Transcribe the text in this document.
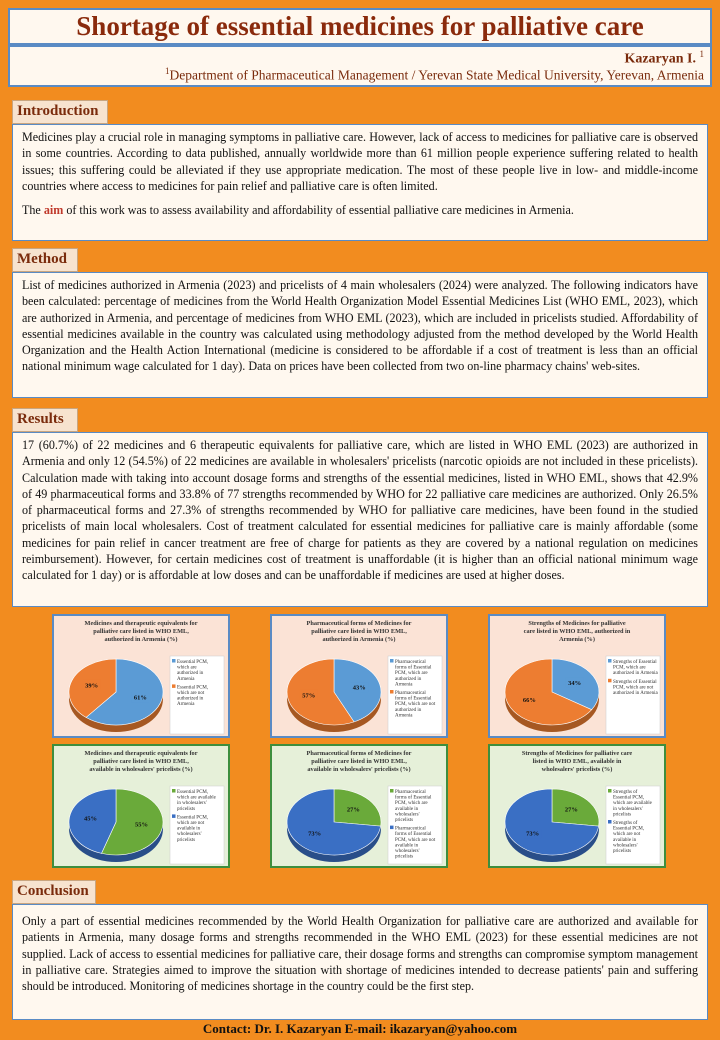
Shortage of essential medicines for palliative care
Kazaryan I. $^1$
$^1$Department of Pharmaceutical Management / Yerevan State Medical University, Yerevan, Armenia
Introduction

Medicines play a crucial role in managing symptoms in palliative care. However, lack of access to medicines for palliative care is observed in some countries. According to data published, annually worldwide more than 61 million people experience suffering related to health issues; this suffering could be alleviated if they use appropriate medication. The most of these people live in low- and middle-income countries where access to medicines for pain relief and palliative care is often limited.

The aim of this work was to assess availability and affordability of essential palliative care medicines in Armenia.

Method

List of medicines authorized in Armenia (2023) and pricelists of 4 main wholesalers (2024) were analyzed. The following indicators have been calculated: percentage of medicines from the World Health Organization Model Essential Medicines List (WHO EML, 2023), which are authorized in Armenia, and percentage of medicines from WHO EML (2023), which are included in pricelists studied. Affordability of essential medicines available in the country was calculated using methodology adjusted from the method developed by the World Health Organization and the Health Action International (medicine is considered to be affordable if a cost of treatment is less than an official national minimum wage calculated for 1 day). Data on prices have been collected from two on-line pharmacy chains' web-sites.

Results

17 (60.7%) of 22 medicines and 6 therapeutic equivalents for palliative care, which are listed in WHO EML (2023) are authorized in Armenia and only 12 (54.5%) of 22 medicines are available in wholesalers' pricelists (narcotic opioids are not included in these pricelists). Calculation made with taking into account dosage forms and strengths of the essential medicines, listed in WHO EML, shows that 42.9% of 49 pharmaceutical forms and 33.8% of 77 strengths recommended by WHO for 22 palliative care medicines are authorized. Only 26.5% of pharmaceutical forms and 27.3% of strengths recommended by WHO for palliative care medicines, have been found in the studied pricelists of main local wholesalers. Cost of treatment calculated for essential medicines for palliative care is mainly affordable (some medicines for pain relief in cancer treatment are free of charge for patients as they are covered by a national regulation on medicines reimbursement). However, for certain medicines cost of treatment is unaffordable (it is higher than an official national minimum wage calculated for 1 day) or is affordable at low doses and can be unaffordable if medicines are used at higher doses.

Medicines and therapeutic equivalents for
palliative care listed in WHO EML,
authorized in Armenia (%)
61%
39%
Essential PCM,
which are
authorized in
Armenia
Essential PCM,
which are not
authorized in
Armenia
Pharmaceutical forms of Medicines for
palliative care listed in WHO EML,
authorized in Armenia (%)
43%
57%
Pharmaceutical
forms of Essential
PCM, which are
authorized in
Armenia
Pharmaceutical
forms of Essential
PCM, which are not
authorized in
Armenia
Strengths of Medicines for palliative
care listed in WHO EML, authorized in
Armenia (%)
34%
66%
Strengths of Essential
PCM, which are
authorized in Armenia
Strengths of Essential
PCM, which are not
authorized in Armenia
Medicines and therapeutic equivalents for
palliative care listed in WHO EML,
available in wholesalers' pricelists (%)
55%
45%
Essential PCM,
which are available
in wholesalers'
pricelists
Essential PCM,
which are not
available in
wholesalers'
pricelists
Pharmaceutical forms of Medicines for
palliative care listed in WHO EML,
available in wholesalers' pricelists (%)
27%
73%
Pharmaceutical
forms of Essential
PCM, which are
available in
wholesalers'
pricelists
Pharmaceutical
forms of Essential
PCM, which are not
available in
wholesalers'
pricelists
Strengths of Medicines for palliative care
listed in WHO EML, available in
wholesalers' pricelists (%)
27%
73%
Strengths of
Essential PCM,
which are available
in wholesalers'
pricelists
Strengths of
Essential PCM,
which are not
available in
wholesalers'
pricelists
Conclusion

Only a part of essential medicines recommended by the World Health Organization for palliative care are authorized and available for patients in Armenia, many dosage forms and strengths recommended in the WHO EML (2023) for these essential medicines are not supplied. Lack of access to essential medicines for palliative care, their dosage forms and strengths can compromise symptom management in palliative care. Strategies aimed to improve the situation with shortage of medicines intended to decrease patients' pain and suffering should be introduced. Monitoring of medicines shortage in the country could be the first step.

Contact: Dr. I. Kazaryan E-mail: ikazaryan@yahoo.com
